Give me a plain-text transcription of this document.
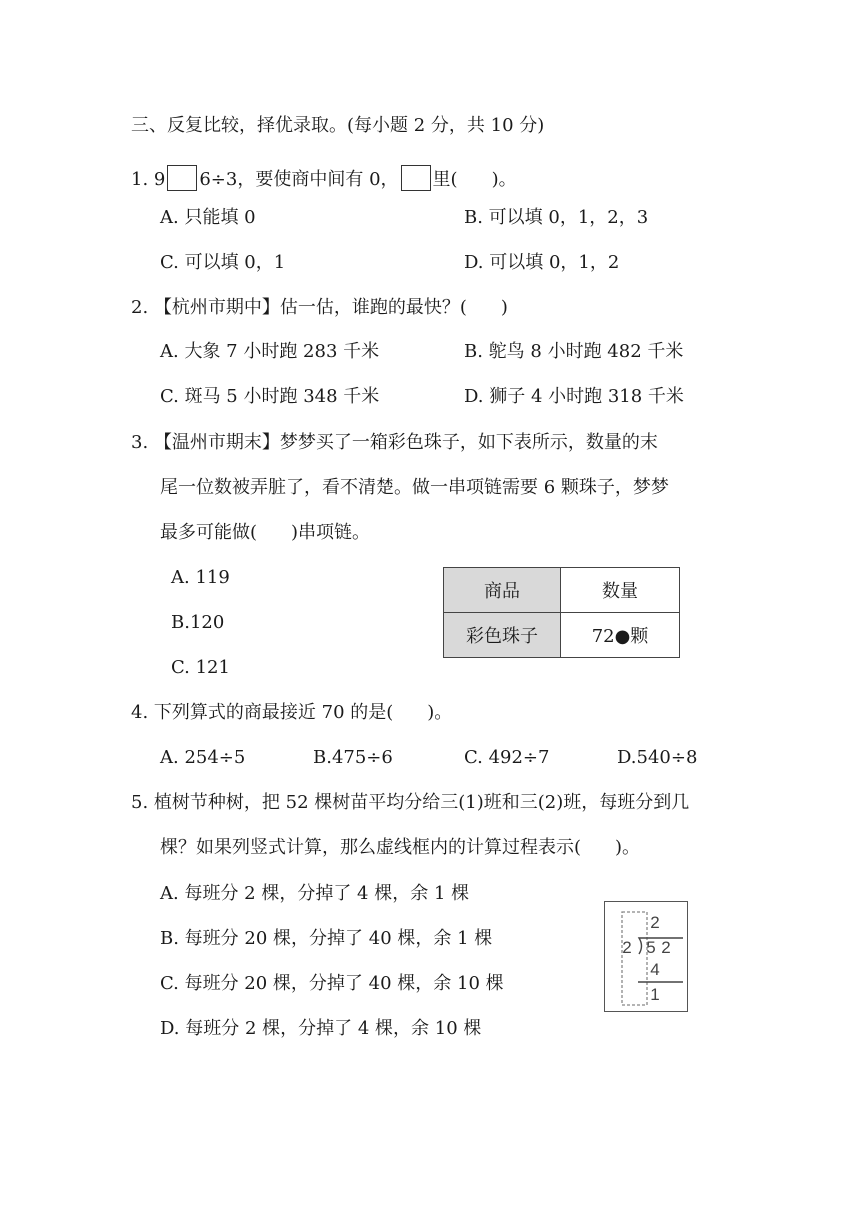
三、反复比较，择优录取。(每小题 2 分，共 10 分)
1. 9 6÷3，要使商中间有 0， 里( )。
A. 只能填 0	B. 可以填 0，1，2，3
C. 可以填 0，1	D. 可以填 0，1，2
2. 【杭州市期中】估一估，谁跑的最快？( )
A. 大象 7 小时跑 283 千米	B. 鸵鸟 8 小时跑 482 千米
C. 斑马 5 小时跑 348 千米	D. 狮子 4 小时跑 318 千米
3. 【温州市期末】梦梦买了一箱彩色珠子，如下表所示，数量的末
尾一位数被弄脏了，看不清楚。做一串项链需要 6 颗珠子，梦梦
最多可能做( )串项链。
A. 119
B.120
C. 121
商品	数量
彩色珠子	72●颗
4. 下列算式的商最接近 70 的是( )。
A. 254÷5	B.475÷6	C. 492÷7	D.540÷8
5. 植树节种树，把 52 棵树苗平均分给三(1)班和三(2)班，每班分到几
棵？如果列竖式计算，那么虚线框内的计算过程表示( )。
A. 每班分 2 棵，分掉了 4 棵，余 1 棵
B. 每班分 20 棵，分掉了 40 棵，余 1 棵
C. 每班分 20 棵，分掉了 40 棵，余 10 棵
D. 每班分 2 棵，分掉了 4 棵，余 10 棵
2
2 5 2
4
1
